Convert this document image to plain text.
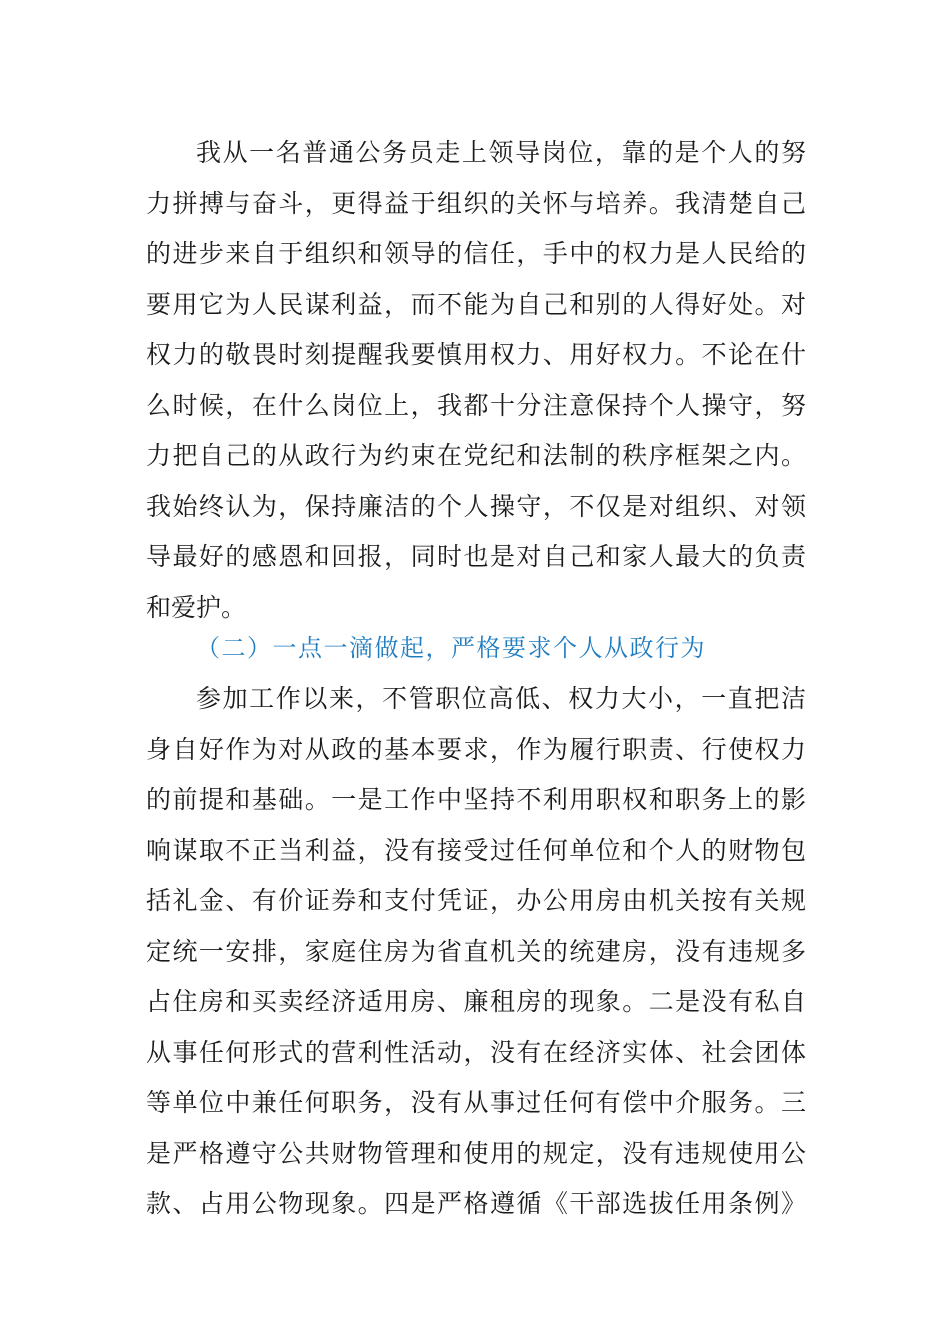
我从一名普通公务员走上领导岗位，靠的是个人的努
力拼搏与奋斗，更得益于组织的关怀与培养。我清楚自己
的进步来自于组织和领导的信任，手中的权力是人民给的
要用它为人民谋利益，而不能为自己和别的人得好处。对
权力的敬畏时刻提醒我要慎用权力、用好权力。不论在什
么时候，在什么岗位上，我都十分注意保持个人操守，努
力把自己的从政行为约束在党纪和法制的秩序框架之内。
我始终认为，保持廉洁的个人操守，不仅是对组织、对领
导最好的感恩和回报，同时也是对自己和家人最大的负责
和爱护。
（二）一点一滴做起，严格要求个人从政行为
参加工作以来，不管职位高低、权力大小，一直把洁
身自好作为对从政的基本要求，作为履行职责、行使权力
的前提和基础。一是工作中坚持不利用职权和职务上的影
响谋取不正当利益，没有接受过任何单位和个人的财物包
括礼金、有价证券和支付凭证，办公用房由机关按有关规
定统一安排，家庭住房为省直机关的统建房，没有违规多
占住房和买卖经济适用房、廉租房的现象。二是没有私自
从事任何形式的营利性活动，没有在经济实体、社会团体
等单位中兼任何职务，没有从事过任何有偿中介服务。三
是严格遵守公共财物管理和使用的规定，没有违规使用公
款、占用公物现象。四是严格遵循《干部选拔任用条例》
